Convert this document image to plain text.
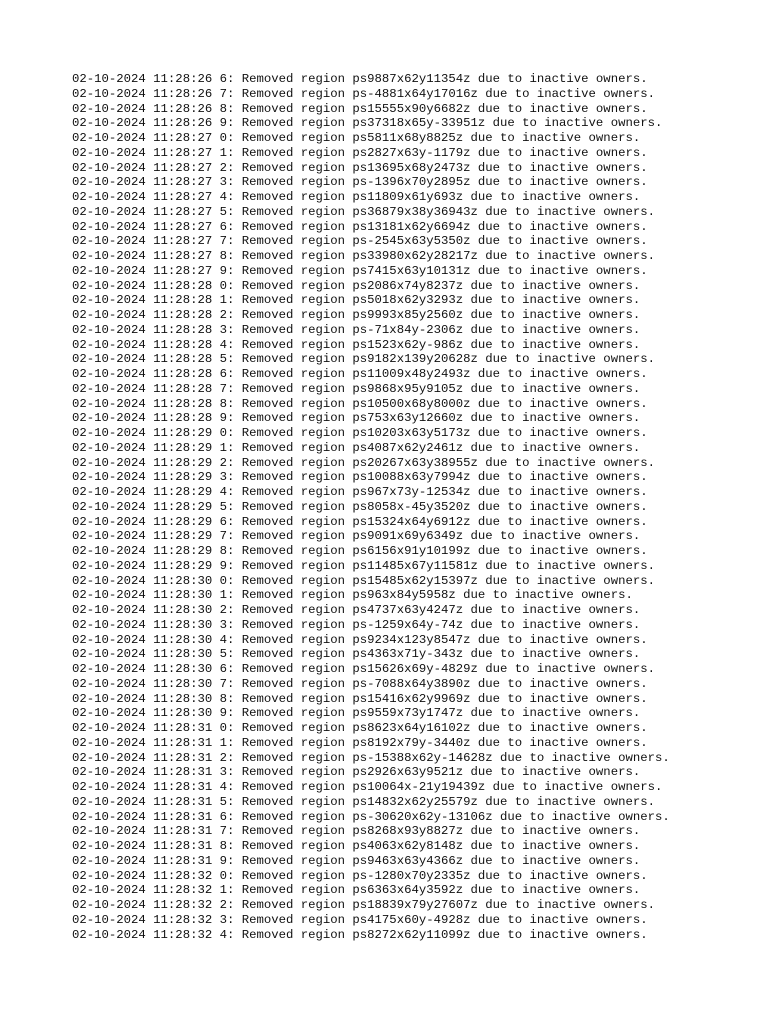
02-10-2024 11:28:26 6: Removed region ps9887x62y11354z due to inactive owners.
02-10-2024 11:28:26 7: Removed region ps-4881x64y17016z due to inactive owners.
02-10-2024 11:28:26 8: Removed region ps15555x90y6682z due to inactive owners.
02-10-2024 11:28:26 9: Removed region ps37318x65y-33951z due to inactive owners.
02-10-2024 11:28:27 0: Removed region ps5811x68y8825z due to inactive owners.
02-10-2024 11:28:27 1: Removed region ps2827x63y-1179z due to inactive owners.
02-10-2024 11:28:27 2: Removed region ps13695x68y2473z due to inactive owners.
02-10-2024 11:28:27 3: Removed region ps-1396x70y2895z due to inactive owners.
02-10-2024 11:28:27 4: Removed region ps11809x61y693z due to inactive owners.
02-10-2024 11:28:27 5: Removed region ps36879x38y36943z due to inactive owners.
02-10-2024 11:28:27 6: Removed region ps13181x62y6694z due to inactive owners.
02-10-2024 11:28:27 7: Removed region ps-2545x63y5350z due to inactive owners.
02-10-2024 11:28:27 8: Removed region ps33980x62y28217z due to inactive owners.
02-10-2024 11:28:27 9: Removed region ps7415x63y10131z due to inactive owners.
02-10-2024 11:28:28 0: Removed region ps2086x74y8237z due to inactive owners.
02-10-2024 11:28:28 1: Removed region ps5018x62y3293z due to inactive owners.
02-10-2024 11:28:28 2: Removed region ps9993x85y2560z due to inactive owners.
02-10-2024 11:28:28 3: Removed region ps-71x84y-2306z due to inactive owners.
02-10-2024 11:28:28 4: Removed region ps1523x62y-986z due to inactive owners.
02-10-2024 11:28:28 5: Removed region ps9182x139y20628z due to inactive owners.
02-10-2024 11:28:28 6: Removed region ps11009x48y2493z due to inactive owners.
02-10-2024 11:28:28 7: Removed region ps9868x95y9105z due to inactive owners.
02-10-2024 11:28:28 8: Removed region ps10500x68y8000z due to inactive owners.
02-10-2024 11:28:28 9: Removed region ps753x63y12660z due to inactive owners.
02-10-2024 11:28:29 0: Removed region ps10203x63y5173z due to inactive owners.
02-10-2024 11:28:29 1: Removed region ps4087x62y2461z due to inactive owners.
02-10-2024 11:28:29 2: Removed region ps20267x63y38955z due to inactive owners.
02-10-2024 11:28:29 3: Removed region ps10088x63y7994z due to inactive owners.
02-10-2024 11:28:29 4: Removed region ps967x73y-12534z due to inactive owners.
02-10-2024 11:28:29 5: Removed region ps8058x-45y3520z due to inactive owners.
02-10-2024 11:28:29 6: Removed region ps15324x64y6912z due to inactive owners.
02-10-2024 11:28:29 7: Removed region ps9091x69y6349z due to inactive owners.
02-10-2024 11:28:29 8: Removed region ps6156x91y10199z due to inactive owners.
02-10-2024 11:28:29 9: Removed region ps11485x67y11581z due to inactive owners.
02-10-2024 11:28:30 0: Removed region ps15485x62y15397z due to inactive owners.
02-10-2024 11:28:30 1: Removed region ps963x84y5958z due to inactive owners.
02-10-2024 11:28:30 2: Removed region ps4737x63y4247z due to inactive owners.
02-10-2024 11:28:30 3: Removed region ps-1259x64y-74z due to inactive owners.
02-10-2024 11:28:30 4: Removed region ps9234x123y8547z due to inactive owners.
02-10-2024 11:28:30 5: Removed region ps4363x71y-343z due to inactive owners.
02-10-2024 11:28:30 6: Removed region ps15626x69y-4829z due to inactive owners.
02-10-2024 11:28:30 7: Removed region ps-7088x64y3890z due to inactive owners.
02-10-2024 11:28:30 8: Removed region ps15416x62y9969z due to inactive owners.
02-10-2024 11:28:30 9: Removed region ps9559x73y1747z due to inactive owners.
02-10-2024 11:28:31 0: Removed region ps8623x64y16102z due to inactive owners.
02-10-2024 11:28:31 1: Removed region ps8192x79y-3440z due to inactive owners.
02-10-2024 11:28:31 2: Removed region ps-15388x62y-14628z due to inactive owners.
02-10-2024 11:28:31 3: Removed region ps2926x63y9521z due to inactive owners.
02-10-2024 11:28:31 4: Removed region ps10064x-21y19439z due to inactive owners.
02-10-2024 11:28:31 5: Removed region ps14832x62y25579z due to inactive owners.
02-10-2024 11:28:31 6: Removed region ps-30620x62y-13106z due to inactive owners.
02-10-2024 11:28:31 7: Removed region ps8268x93y8827z due to inactive owners.
02-10-2024 11:28:31 8: Removed region ps4063x62y8148z due to inactive owners.
02-10-2024 11:28:31 9: Removed region ps9463x63y4366z due to inactive owners.
02-10-2024 11:28:32 0: Removed region ps-1280x70y2335z due to inactive owners.
02-10-2024 11:28:32 1: Removed region ps6363x64y3592z due to inactive owners.
02-10-2024 11:28:32 2: Removed region ps18839x79y27607z due to inactive owners.
02-10-2024 11:28:32 3: Removed region ps4175x60y-4928z due to inactive owners.
02-10-2024 11:28:32 4: Removed region ps8272x62y11099z due to inactive owners.
